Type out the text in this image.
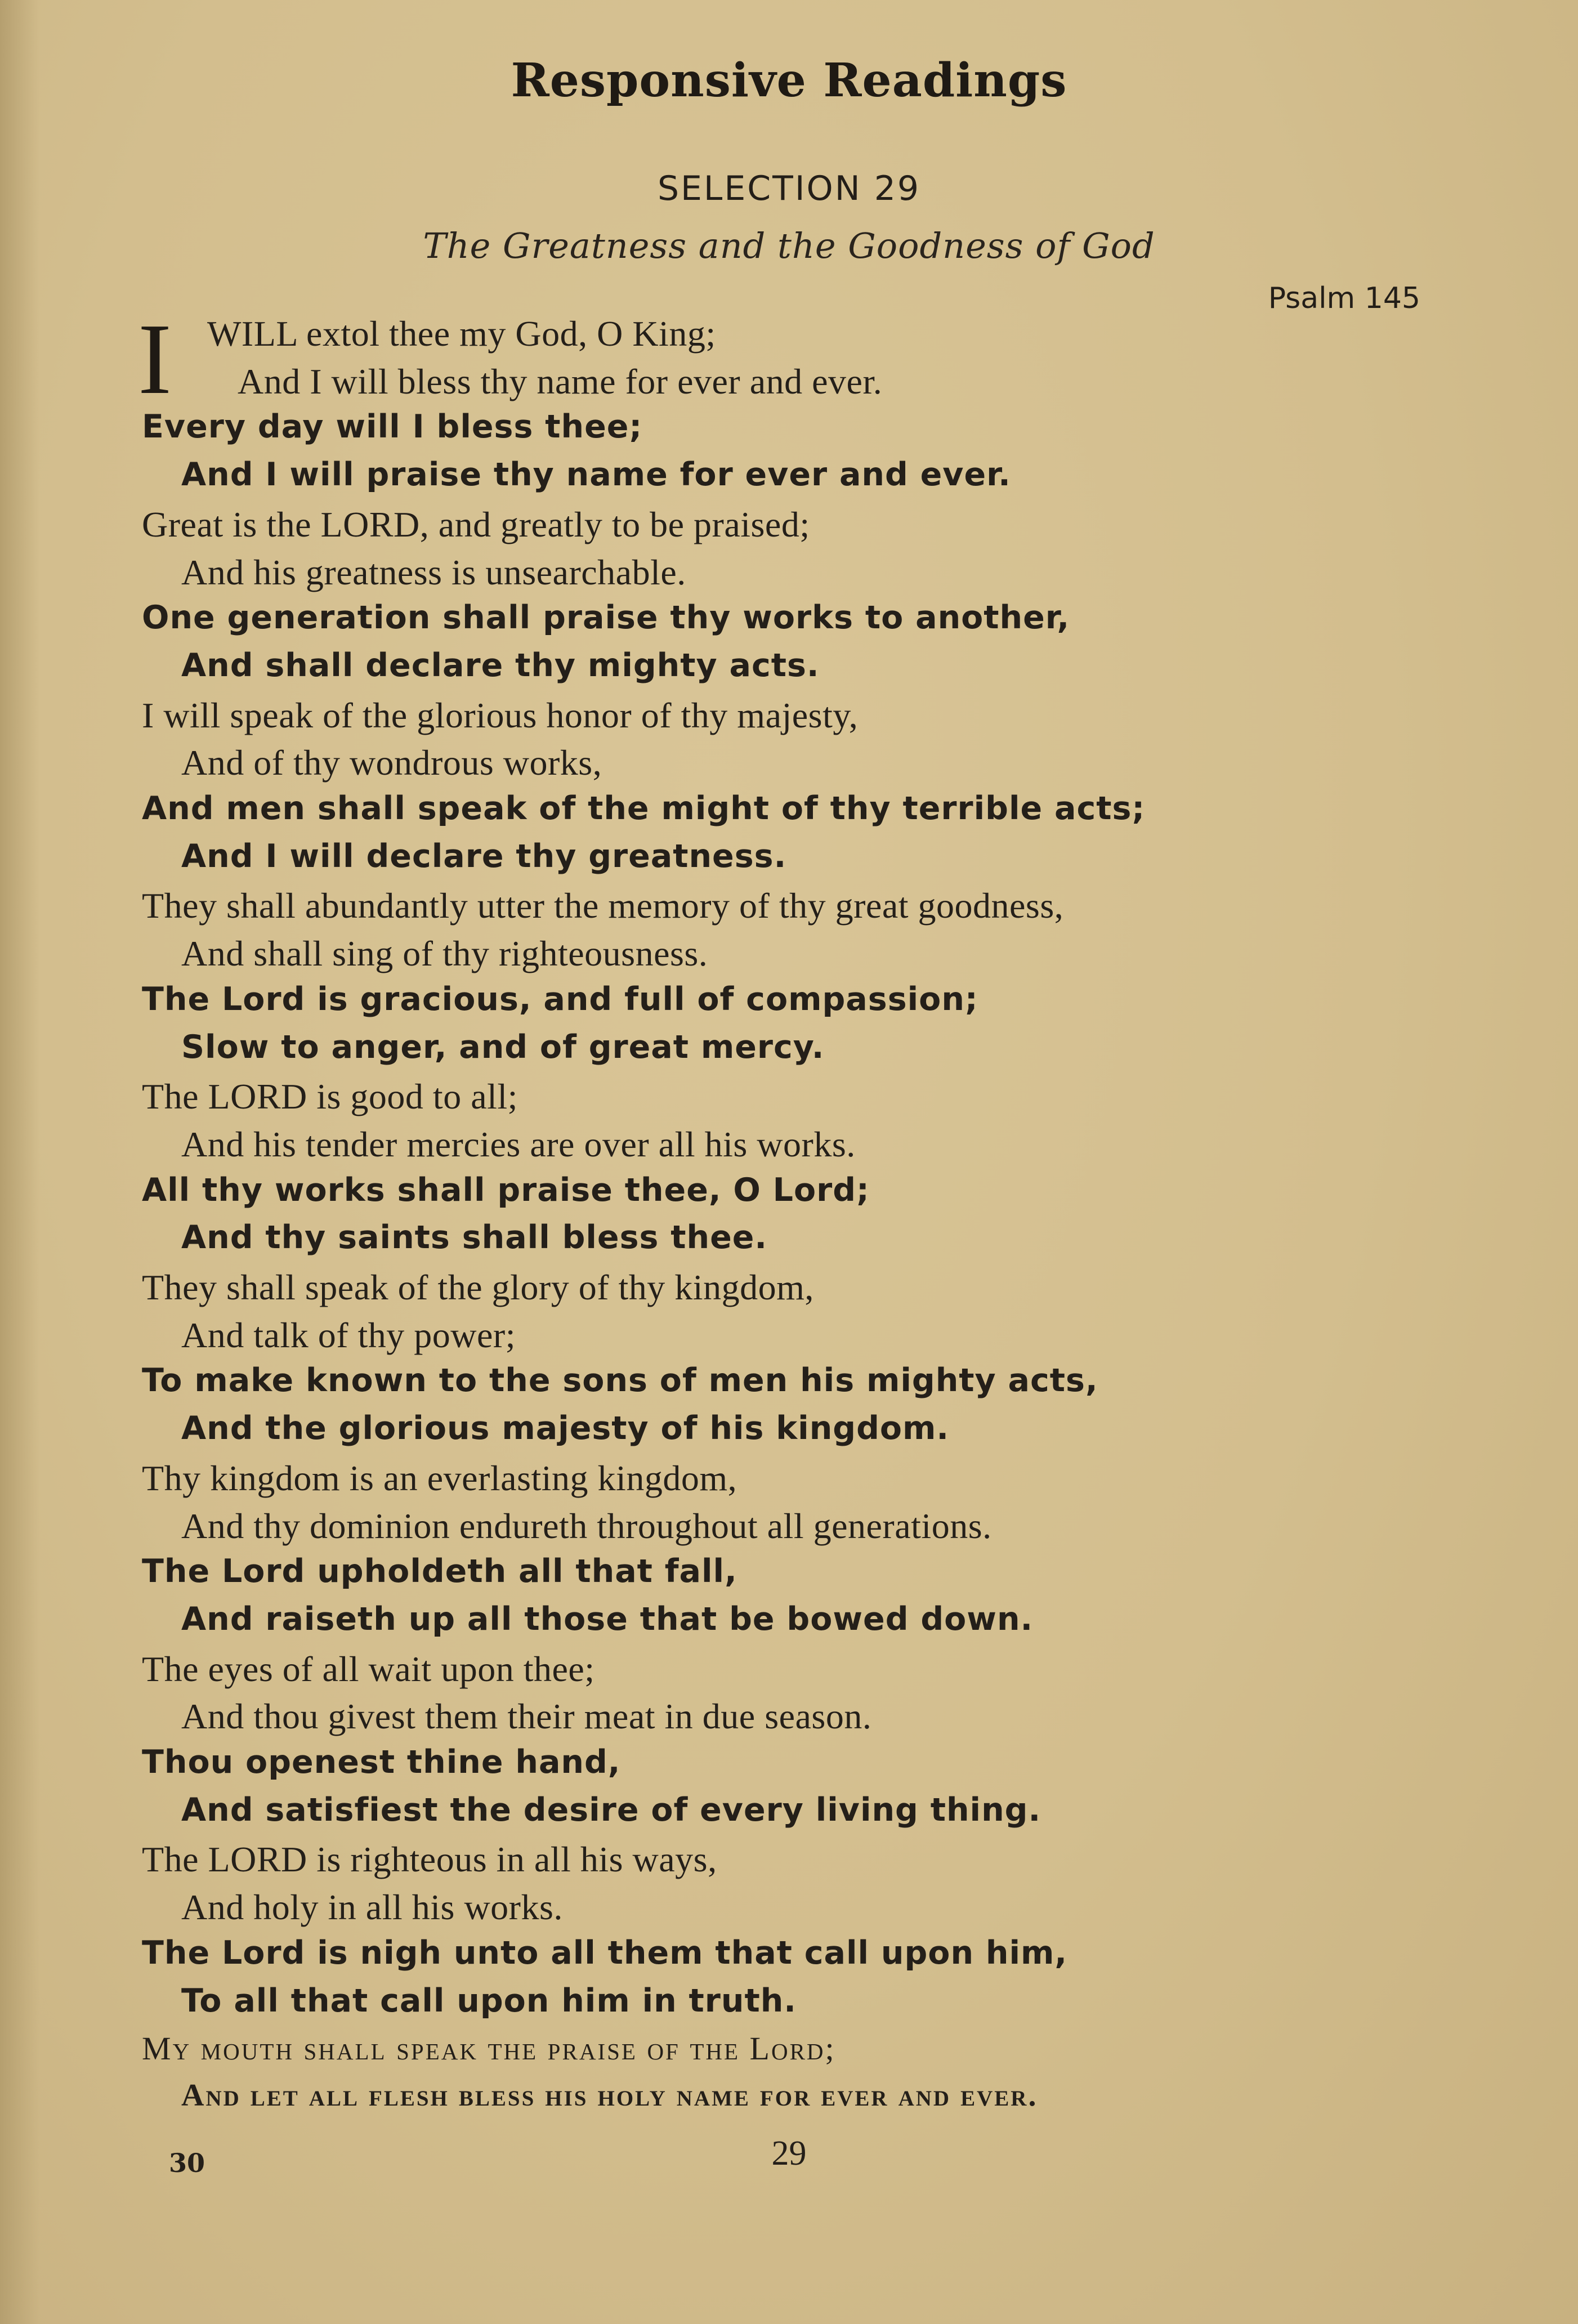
Responsive Readings
SELECTION 29
The Greatness and the Goodness of God
Psalm 145
I WILL extol thee my God, O King;
And I will bless thy name for ever and ever.
Every day will I bless thee;
And I will praise thy name for ever and ever.
Great is the LORD, and greatly to be praised;
And his greatness is unsearchable.
One generation shall praise thy works to another,
And shall declare thy mighty acts.
I will speak of the glorious honor of thy majesty,
And of thy wondrous works,
And men shall speak of the might of thy terrible acts;
And I will declare thy greatness.
They shall abundantly utter the memory of thy great goodness,
And shall sing of thy righteousness.
The Lord is gracious, and full of compassion;
Slow to anger, and of great mercy.
The LORD is good to all;
And his tender mercies are over all his works.
All thy works shall praise thee, O Lord;
And thy saints shall bless thee.
They shall speak of the glory of thy kingdom,
And talk of thy power;
To make known to the sons of men his mighty acts,
And the glorious majesty of his kingdom.
Thy kingdom is an everlasting kingdom,
And thy dominion endureth throughout all generations.
The Lord upholdeth all that fall,
And raiseth up all those that be bowed down.
The eyes of all wait upon thee;
And thou givest them their meat in due season.
Thou openest thine hand,
And satisfiest the desire of every living thing.
The LORD is righteous in all his ways,
And holy in all his works.
The Lord is nigh unto all them that call upon him,
To all that call upon him in truth.
My mouth shall speak the praise of the Lord;
And let all flesh bless his holy name for ever and ever.
30	29
